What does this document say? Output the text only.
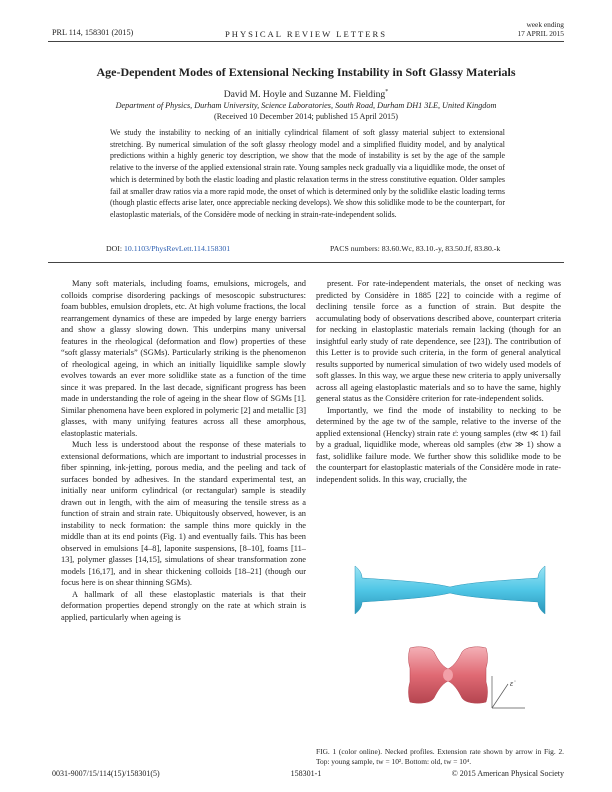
PRL 114, 158301 (2015)	PHYSICAL REVIEW LETTERS
week ending
17 APRIL 2015
Age-Dependent Modes of Extensional Necking Instability in Soft Glassy Materials
David M. Hoyle and Suzanne M. Fielding*
Department of Physics, Durham University, Science Laboratories, South Road, Durham DH1 3LE, United Kingdom
(Received 10 December 2014; published 15 April 2015)
We study the instability to necking of an initially cylindrical filament of soft glassy material subject to extensional stretching. By numerical simulation of the soft glassy rheology model and a simplified fluidity model, and by analytical predictions within a highly generic toy description, we show that the mode of instability is set by the age of the sample relative to the inverse of the applied extensional strain rate. Young samples neck gradually via a liquidlike mode, the onset of which is determined by both the elastic loading and plastic relaxation terms in the stress constitutive equation. Older samples fail at smaller draw ratios via a more rapid mode, the onset of which is determined only by the solidlike elastic loading terms (though plastic effects arise later, once appreciable necking develops). We show this solidlike mode to be the counterpart, for elastoplastic materials, of the Considère mode of necking in strain-rate-independent solids.
DOI: 10.1103/PhysRevLett.114.158301	PACS numbers: 83.60.Wc, 83.10.-y, 83.50.Jf, 83.80.-k

Many soft materials, including foams, emulsions, microgels, and colloids comprise disordering packings of mesoscopic substructures: foam bubbles, emulsion droplets, etc. At high volume fractions, the local rearrangement dynamics of these are impeded by large energy barriers and show a glassy slowing down. This underpins many universal features in the rheological (deformation and flow) properties of these “soft glassy materials” (SGMs). Particularly striking is the phenomenon of rheological ageing, in which an initially liquidlike sample slowly evolves towards an ever more solidlike state as a function of the time since it was prepared. In the last decade, significant progress has been made in understanding the role of ageing in the shear flow of SGMs [1]. Similar phenomena have been explored in polymeric [2] and metallic [3] glasses, with many unifying features across all these amorphous, elastoplastic materials.

Much less is understood about the response of these materials to extensional deformations, which are important to industrial processes in fiber spinning, ink-jetting, porous media, and the peeling and tack of surfaces bonded by adhesives. In the standard experimental test, an initially near uniform cylindrical (or rectangular) sample is steadily drawn out in length, with the aim of measuring the tensile stress as a function of strain and strain rate. Ubiquitously observed, however, is an instability to neck formation: the sample thins more quickly in the middle than at its end points (Fig. 1) and eventually fails. This has been observed in emulsions [4–8], laponite suspensions, [8–10], foams [11–13], polymer glasses [14,15], simulations of shear transformation zone models [16,17], and in shear thickening colloids [18–21] (though our focus here is on shear thinning SGMs).

A hallmark of all these elastoplastic materials is that their deformation properties depend strongly on the rate at which strain is applied, particularly when ageing is

present. For rate-independent materials, the onset of necking was predicted by Considère in 1885 [22] to coincide with a regime of declining tensile force as a function of strain. But despite the accumulating body of observations described above, counterpart criteria for necking in elastoplastic materials remain lacking (though for an insightful early study of rate dependence, see [23]). The contribution of this Letter is to provide such criteria, in the form of general analytical results supported by numerical simulation of two widely used models of soft glasses. In this way, we argue these new criteria to apply universally across all ageing elastoplastic materials and so to have the same, highly general status as the Considère criterion for rate-independent solids.

Importantly, we find the mode of instability to necking to be determined by the age tw of the sample, relative to the inverse of the applied extensional (Hencky) strain rate ε̇: young samples (ε̇tw ≪ 1) fail by a gradual, liquidlike mode, whereas old samples (ε̇tw ≫ 1) show a fast, solidlike failure mode. We further show this solidlike mode to be the counterpart for elastoplastic materials of the Considère mode in rate-independent solids. In this way, crucially, the

ε̇
FIG. 1 (color online). Necked profiles. Extension rate shown by arrow in Fig. 2. Top: young sample, tw = 10². Bottom: old, tw = 10⁴.
0031-9007/15/114(15)/158301(5)	158301-1	© 2015 American Physical Society
